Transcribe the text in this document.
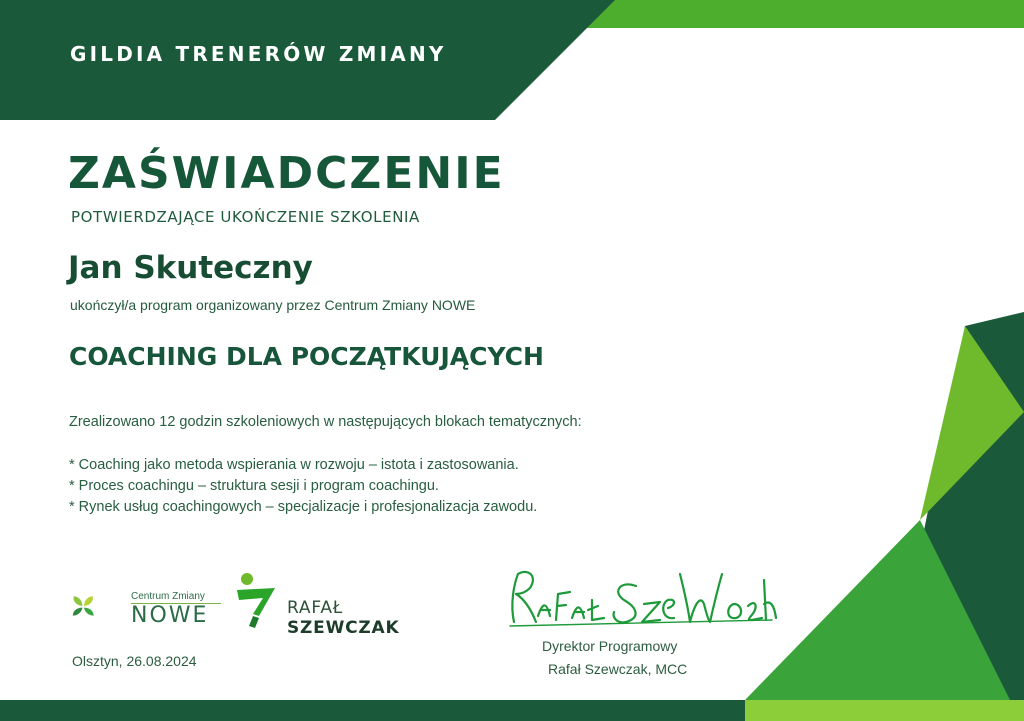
GILDIA TRENERÓW ZMIANY
ZAŚWIADCZENIE
POTWIERDZAJĄCE UKOŃCZENIE SZKOLENIA
Jan Skuteczny
ukończył/a program organizowany przez Centrum Zmiany NOWE
COACHING DLA POCZĄTKUJĄCYCH
Zrealizowano 12 godzin szkoleniowych w następujących blokach tematycznych:
* Coaching jako metoda wspierania w rozwoju – istota i zastosowania.
* Proces coachingu – struktura sesji i program coachingu.
* Rynek usług coachingowych – specjalizacje i profesjonalizacja zawodu.
Centrum Zmiany
NOWE	RAFAŁ
SZEWCZAK
Olsztyn, 26.08.2024
Dyrektor Programowy
Rafał Szewczak, MCC
